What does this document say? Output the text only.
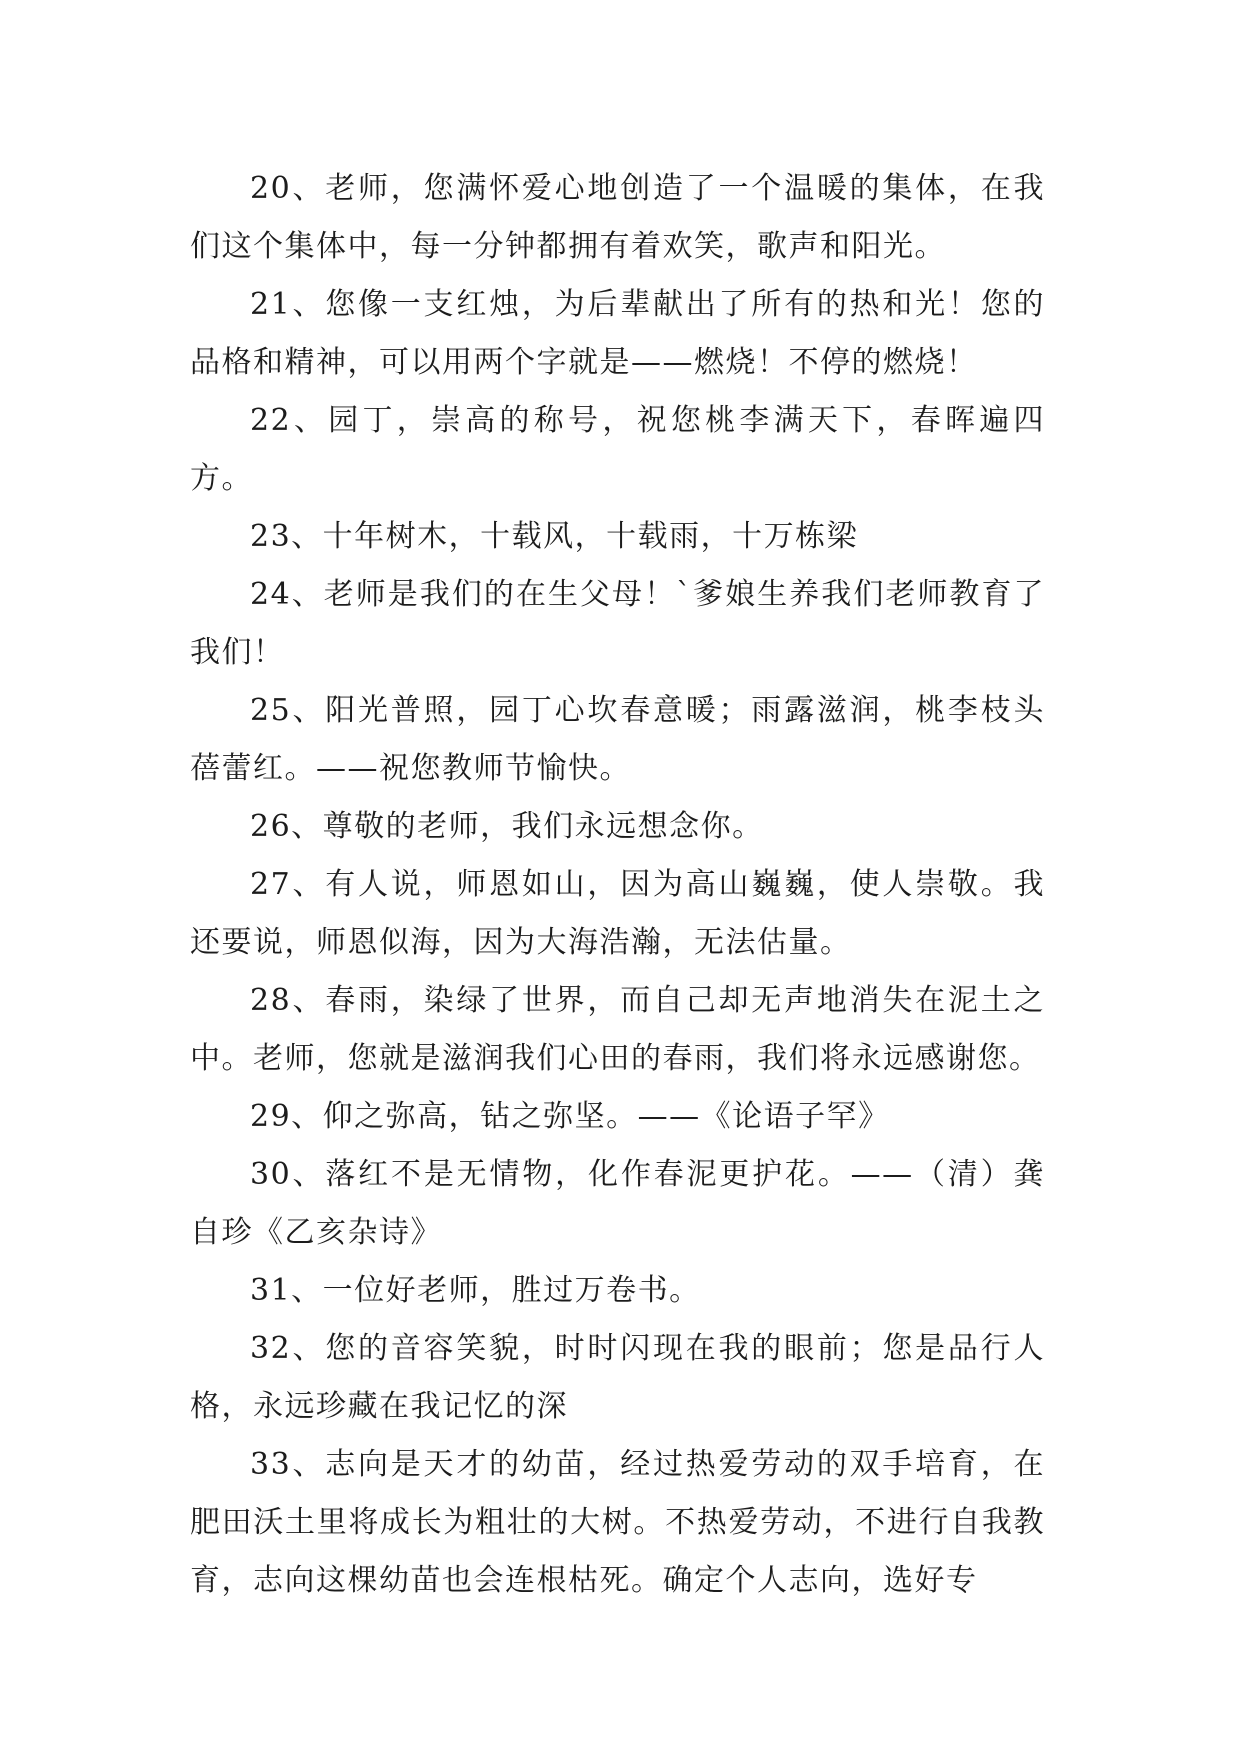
20、老师，您满怀爱心地创造了一个温暖的集体，在我们这个集体中，每一分钟都拥有着欢笑，歌声和阳光。

21、您像一支红烛，为后辈献出了所有的热和光！您的品格和精神，可以用两个字就是——燃烧！不停的燃烧！

22、园丁，崇高的称号，祝您桃李满天下，春晖遍四方。

23、十年树木，十载风，十载雨，十万栋梁

24、老师是我们的在生父母！`爹娘生养我们老师教育了我们！

25、阳光普照，园丁心坎春意暖；雨露滋润，桃李枝头蓓蕾红。——祝您教师节愉快。

26、尊敬的老师，我们永远想念你。

27、有人说，师恩如山，因为高山巍巍，使人崇敬。我还要说，师恩似海，因为大海浩瀚，无法估量。

28、春雨，染绿了世界，而自己却无声地消失在泥土之中。老师，您就是滋润我们心田的春雨，我们将永远感谢您。

29、仰之弥高，钻之弥坚。——《论语子罕》

30、落红不是无情物，化作春泥更护花。——（清）龚自珍《乙亥杂诗》

31、一位好老师，胜过万卷书。

32、您的音容笑貌，时时闪现在我的眼前；您是品行人格，永远珍藏在我记忆的深

33、志向是天才的幼苗，经过热爱劳动的双手培育，在肥田沃土里将成长为粗壮的大树。不热爱劳动，不进行自我教育，志向这棵幼苗也会连根枯死。确定个人志向，选好专
